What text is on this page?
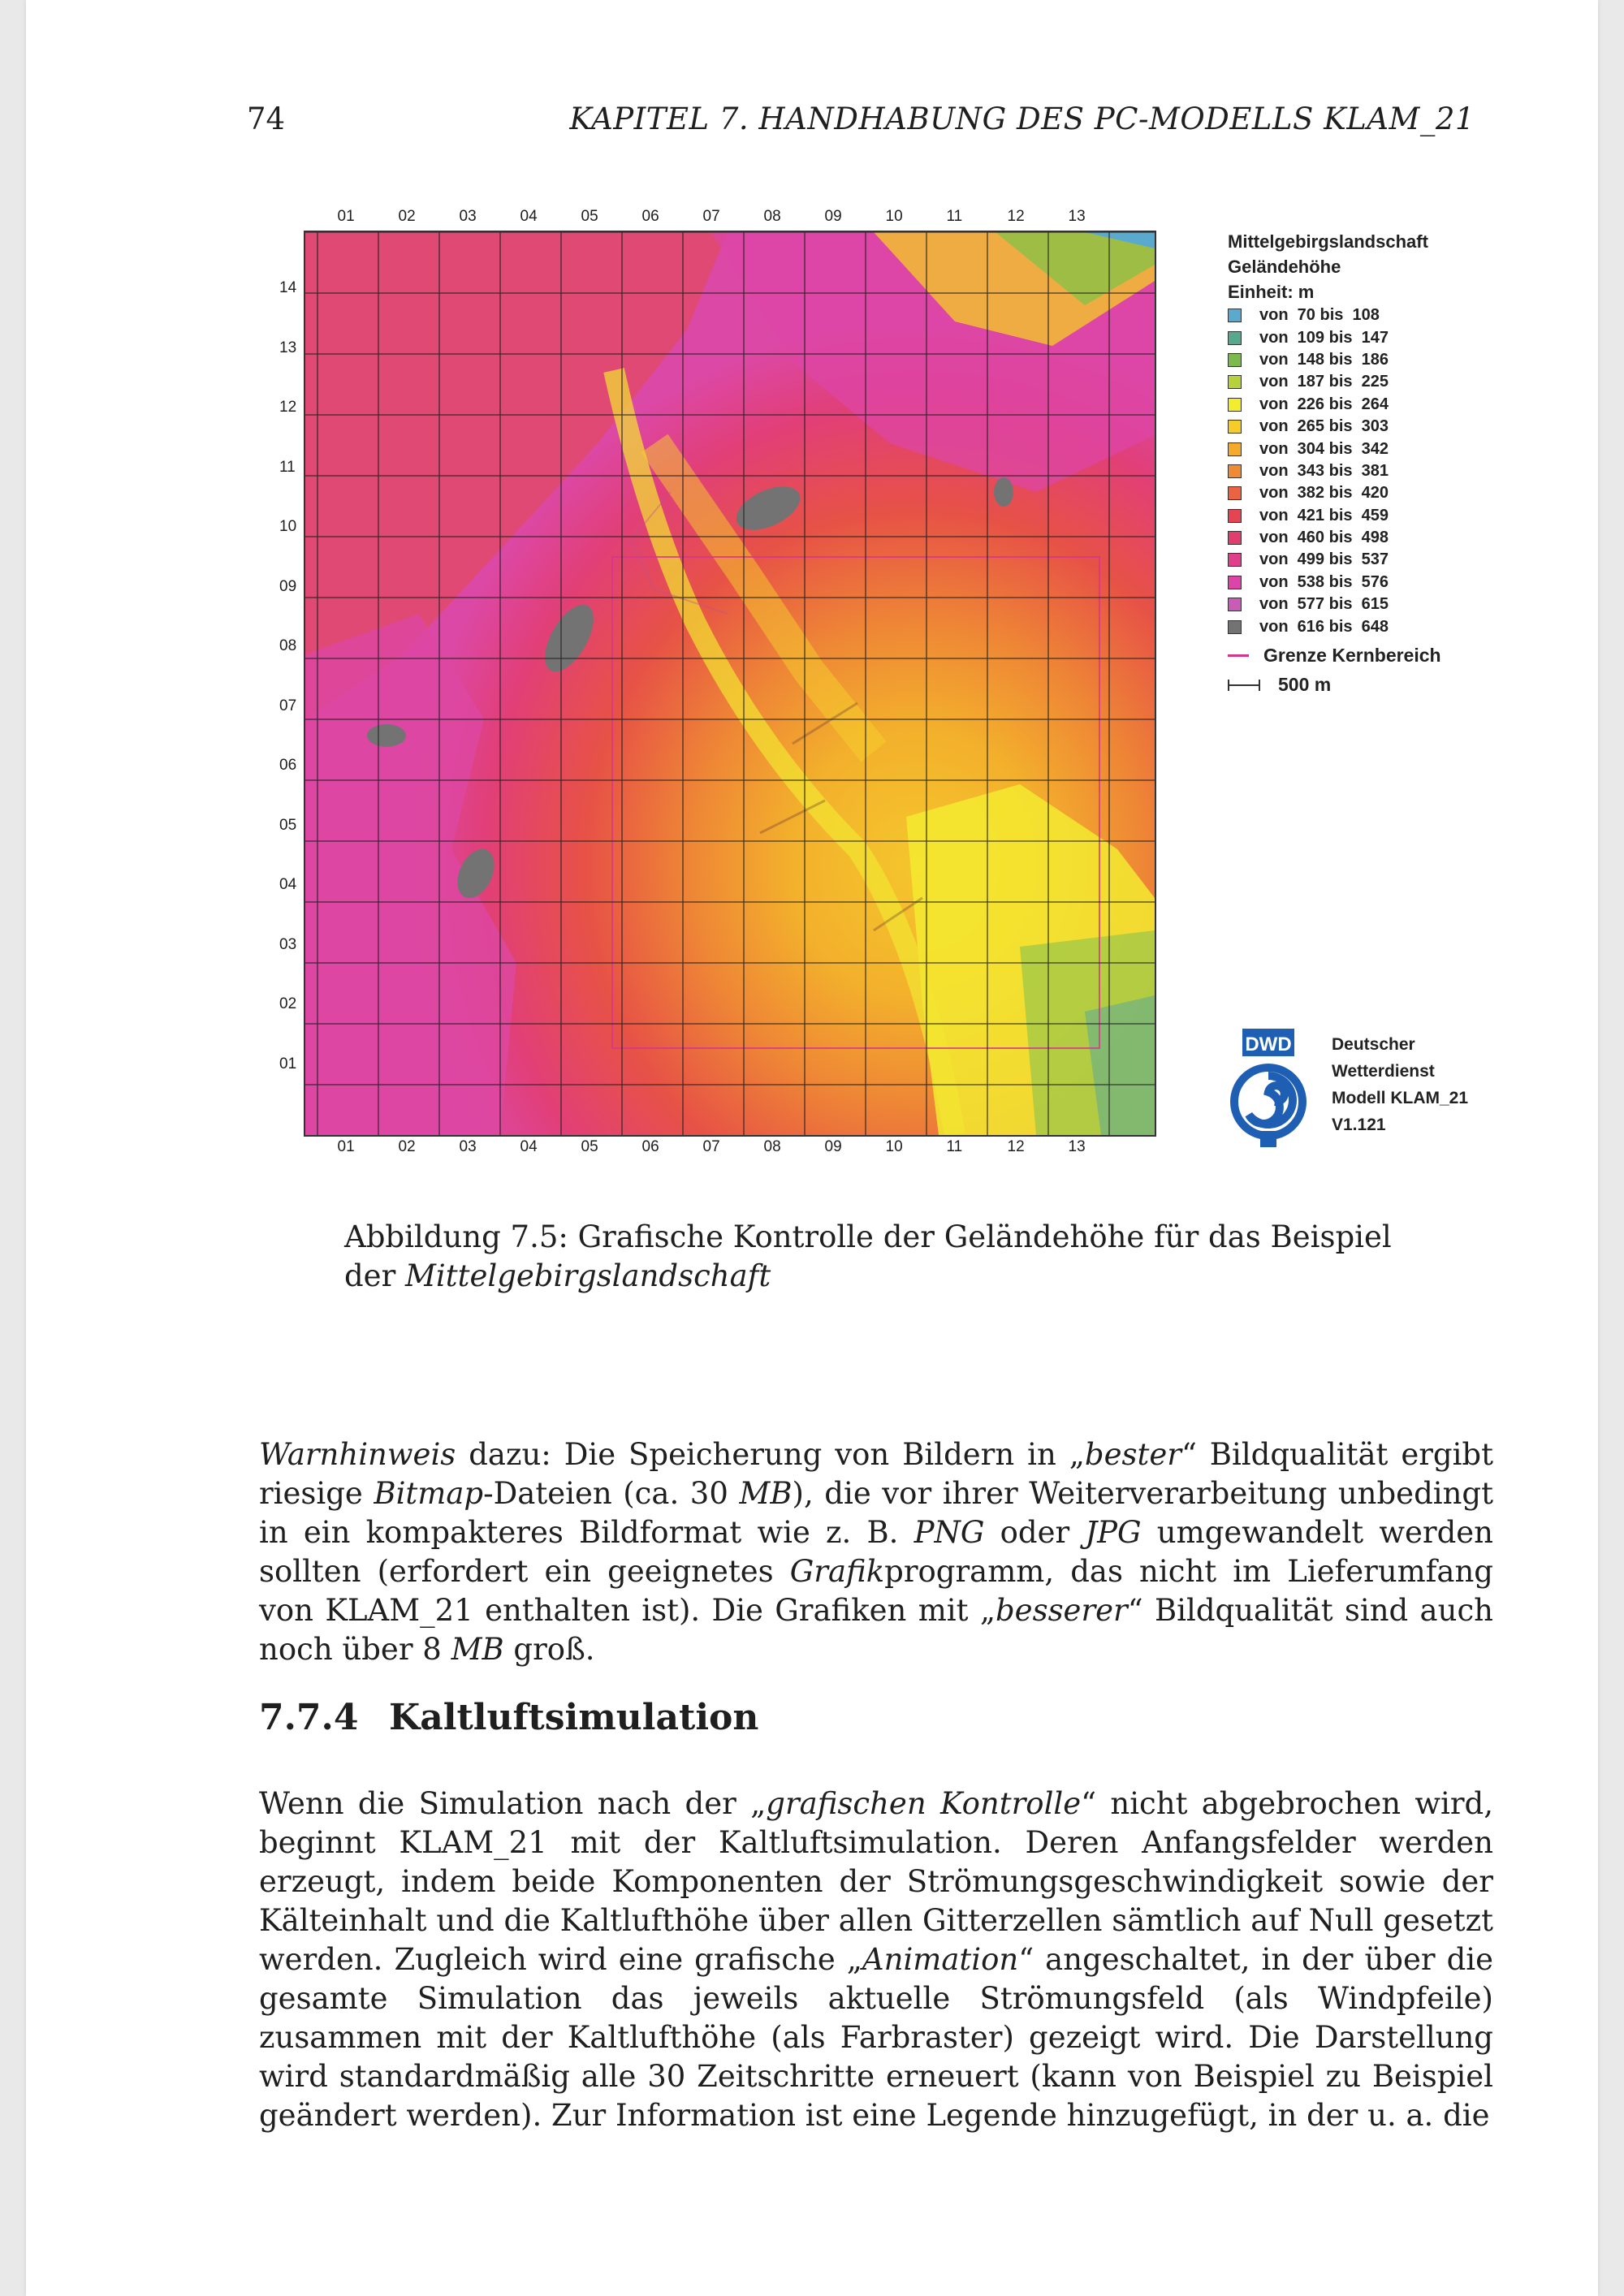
74	KAPITEL 7. HANDHABUNG DES PC-MODELLS KLAM_21
01
01
02
02
03
03
04
04
05
05
06
06
07
07
08
08
09
09
10
10
11
11
12
12
13
13
14
13
12
11
10
09
08
07
06
05
04
03
02
01
Mittelgebirgslandschaft
Geländehöhe
Einheit: m
von  70 bis  108
von  109 bis  147
von  148 bis  186
von  187 bis  225
von  226 bis  264
von  265 bis  303
von  304 bis  342
von  343 bis  381
von  382 bis  420
von  421 bis  459
von  460 bis  498
von  499 bis  537
von  538 bis  576
von  577 bis  615
von  616 bis  648
Grenze Kernbereich
500 m
DWD Deutscher
Wetterdienst
Modell KLAM_21
V1.121
Abbildung 7.5: Grafische Kontrolle der Geländehöhe für das Beispiel der Mittelgebirgslandschaft
Warnhinweis dazu: Die Speicherung von Bildern in „bester“ Bildqualität ergibt riesige Bitmap-Dateien (ca. 30 MB), die vor ihrer Weiterverarbeitung unbedingt in ein kompakteres Bildformat wie z. B. PNG oder JPG umgewandelt werden sollten (erfordert ein geeignetes Grafikprogramm, das nicht im Lieferumfang von KLAM_21 enthalten ist). Die Grafiken mit „besserer“ Bildqualität sind auch noch über 8 MB groß.
7.7.4 Kaltluftsimulation
Wenn die Simulation nach der „grafischen Kontrolle“ nicht abgebrochen wird, beginnt KLAM_21 mit der Kaltluftsimulation. Deren Anfangsfelder werden erzeugt, indem beide Komponenten der Strömungsgeschwindigkeit sowie der Kälteinhalt und die Kaltlufthöhe über allen Gitterzellen sämtlich auf Null gesetzt werden. Zugleich wird eine grafische „Animation“ angeschaltet, in der über die gesamte Simulation das jeweils aktuelle Strömungsfeld (als Windpfeile) zusammen mit der Kaltlufthöhe (als Farbraster) gezeigt wird. Die Darstellung wird standardmäßig alle 30 Zeitschritte erneuert (kann von Beispiel zu Beispiel geändert werden). Zur Information ist eine Legende hinzugefügt, in der u. a. die
